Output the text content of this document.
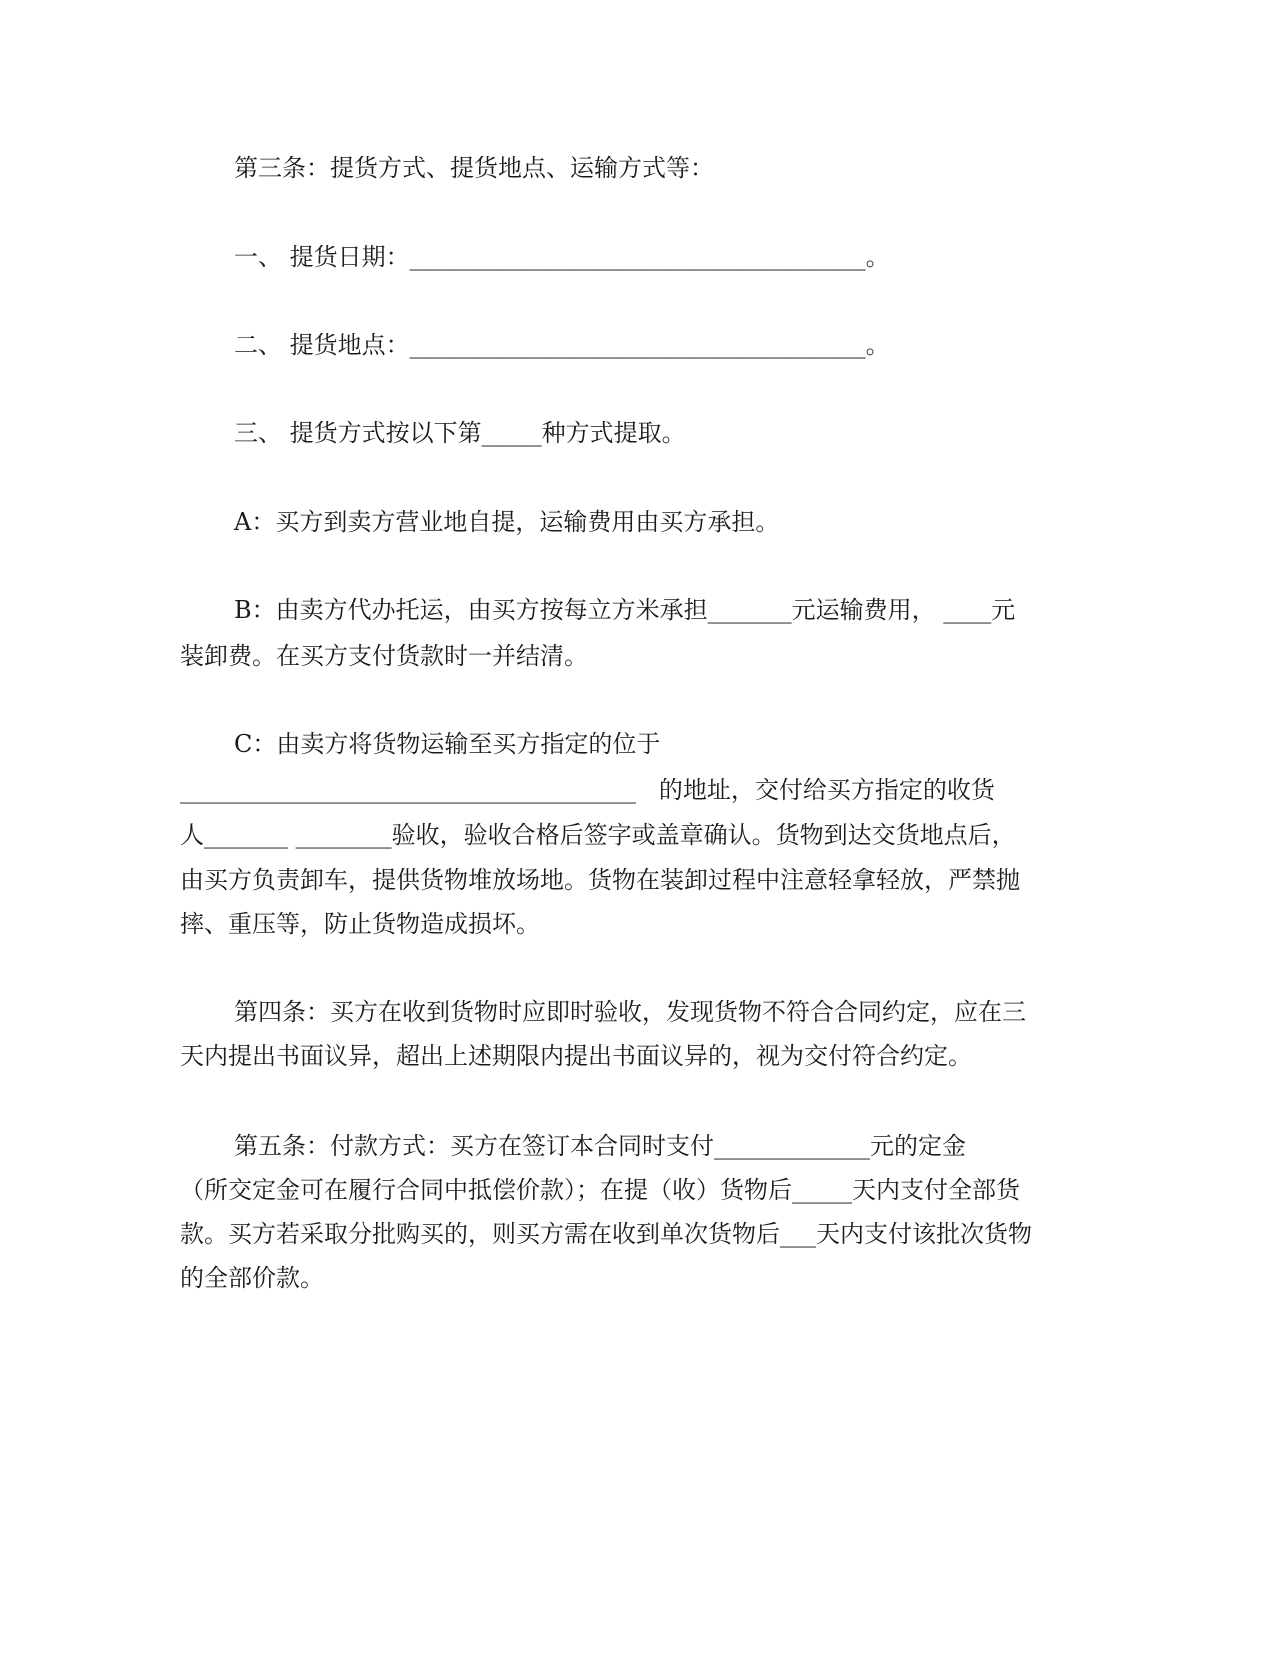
第三条：提货方式、提货地点、运输方式等：
一、 提货日期：______________________________________。
二、 提货地点：______________________________________。
三、 提货方式按以下第_____种方式提取。
A：买方到卖方营业地自提，运输费用由买方承担。
B：由卖方代办托运，由买方按每立方米承担_______元运输费用， ____元
装卸费。在买方支付货款时一并结清。
C：由卖方将货物运输至买方指定的位于
______________________________________   的地址，交付给买方指定的收货
人_______ ________验收，验收合格后签字或盖章确认。货物到达交货地点后，
由买方负责卸车，提供货物堆放场地。货物在装卸过程中注意轻拿轻放，严禁抛
摔、重压等，防止货物造成损坏。
第四条：买方在收到货物时应即时验收，发现货物不符合合同约定，应在三
天内提出书面议异，超出上述期限内提出书面议异的，视为交付符合约定。
第五条：付款方式：买方在签订本合同时支付_____________元的定金
（所交定金可在履行合同中抵偿价款）；在提（收）货物后_____天内支付全部货
款。买方若采取分批购买的，则买方需在收到单次货物后___天内支付该批次货物
的全部价款。
